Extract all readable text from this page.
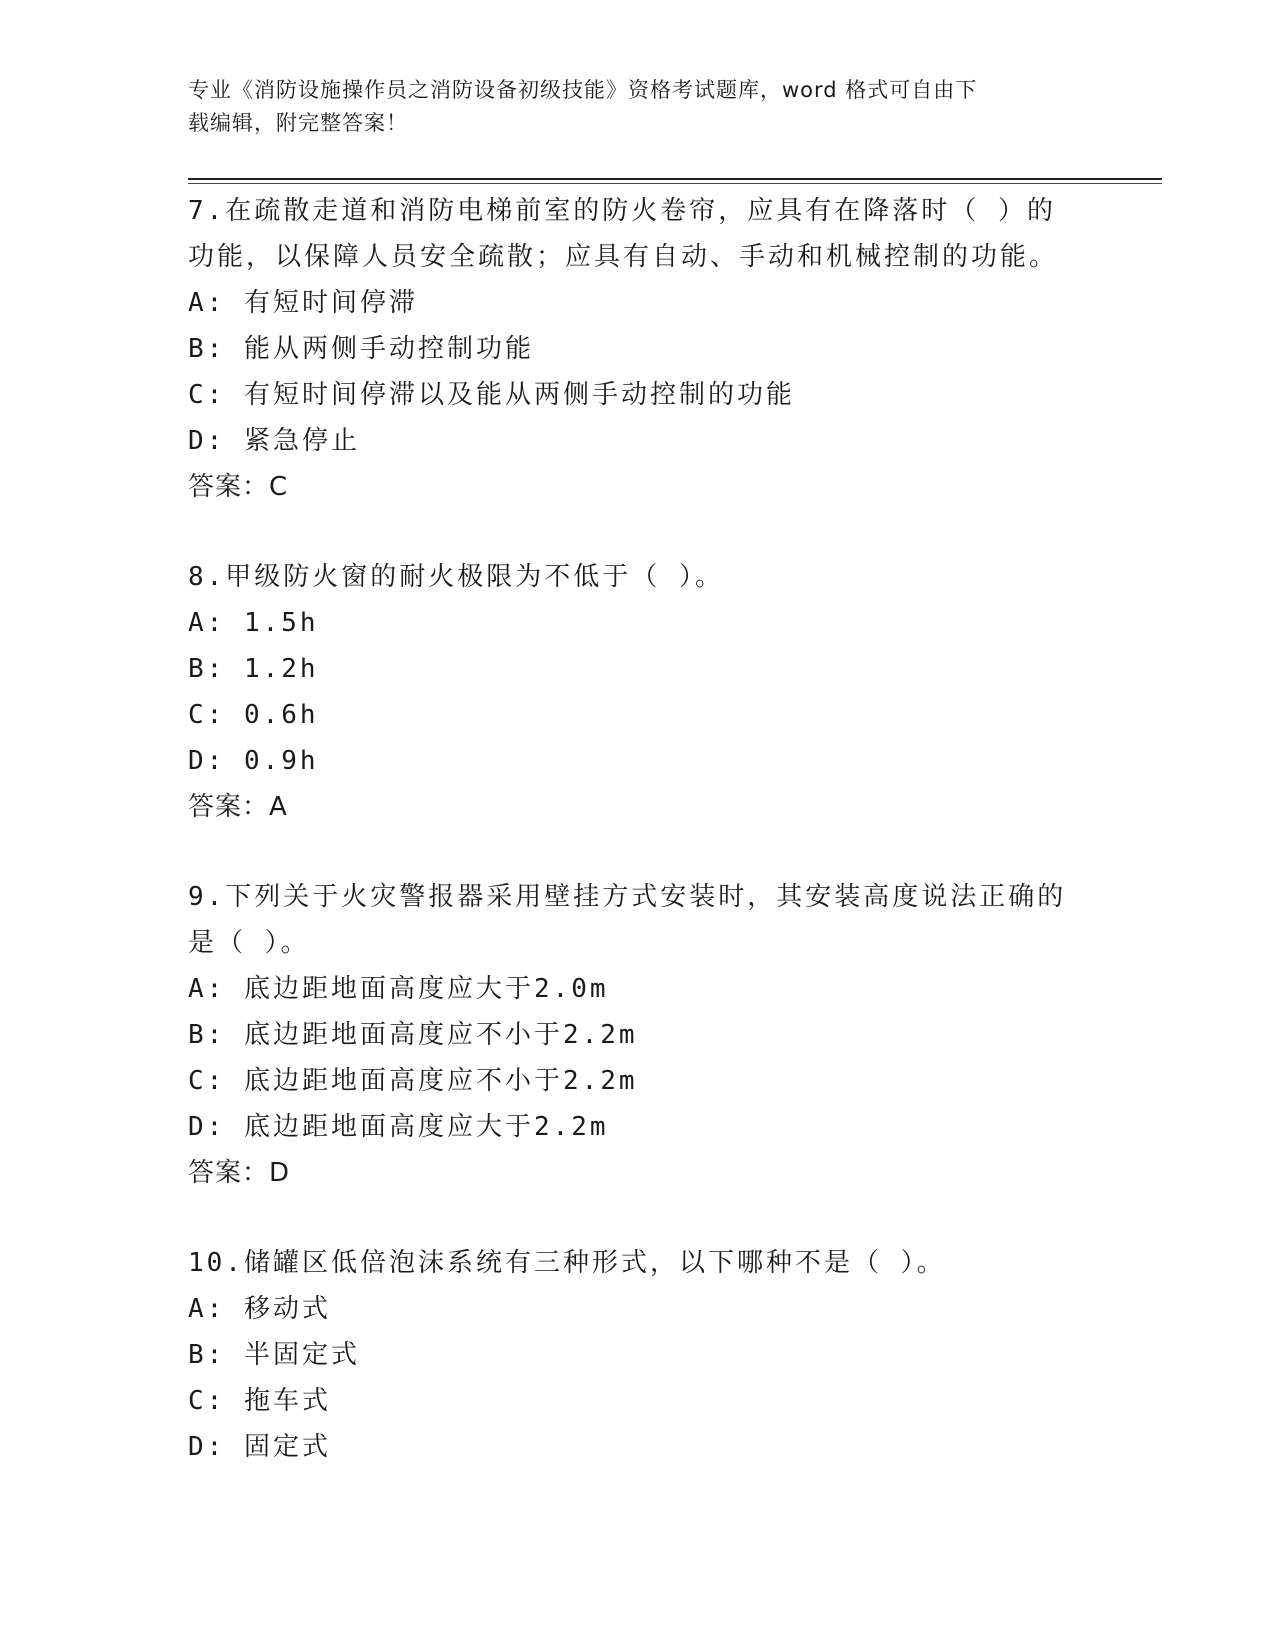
专业《消防设施操作员之消防设备初级技能》资格考试题库，word 格式可自由下
载编辑，附完整答案！
7.在疏散走道和消防电梯前室的防火卷帘，应具有在降落时（ ）的
功能，以保障人员安全疏散；应具有自动、手动和机械控制的功能。
A: 有短时间停滞
B: 能从两侧手动控制功能
C: 有短时间停滞以及能从两侧手动控制的功能
D: 紧急停止
答案：C
8.甲级防火窗的耐火极限为不低于（ ）。
A: 1.5h
B: 1.2h
C: 0.6h
D: 0.9h
答案：A
9.下列关于火灾警报器采用壁挂方式安装时，其安装高度说法正确的
是（ ）。
A: 底边距地面高度应大于2.0m
B: 底边距地面高度应不小于2.2m
C: 底边距地面高度应不小于2.2m
D: 底边距地面高度应大于2.2m
答案：D
10.储罐区低倍泡沫系统有三种形式，以下哪种不是（ ）。
A: 移动式
B: 半固定式
C: 拖车式
D: 固定式
